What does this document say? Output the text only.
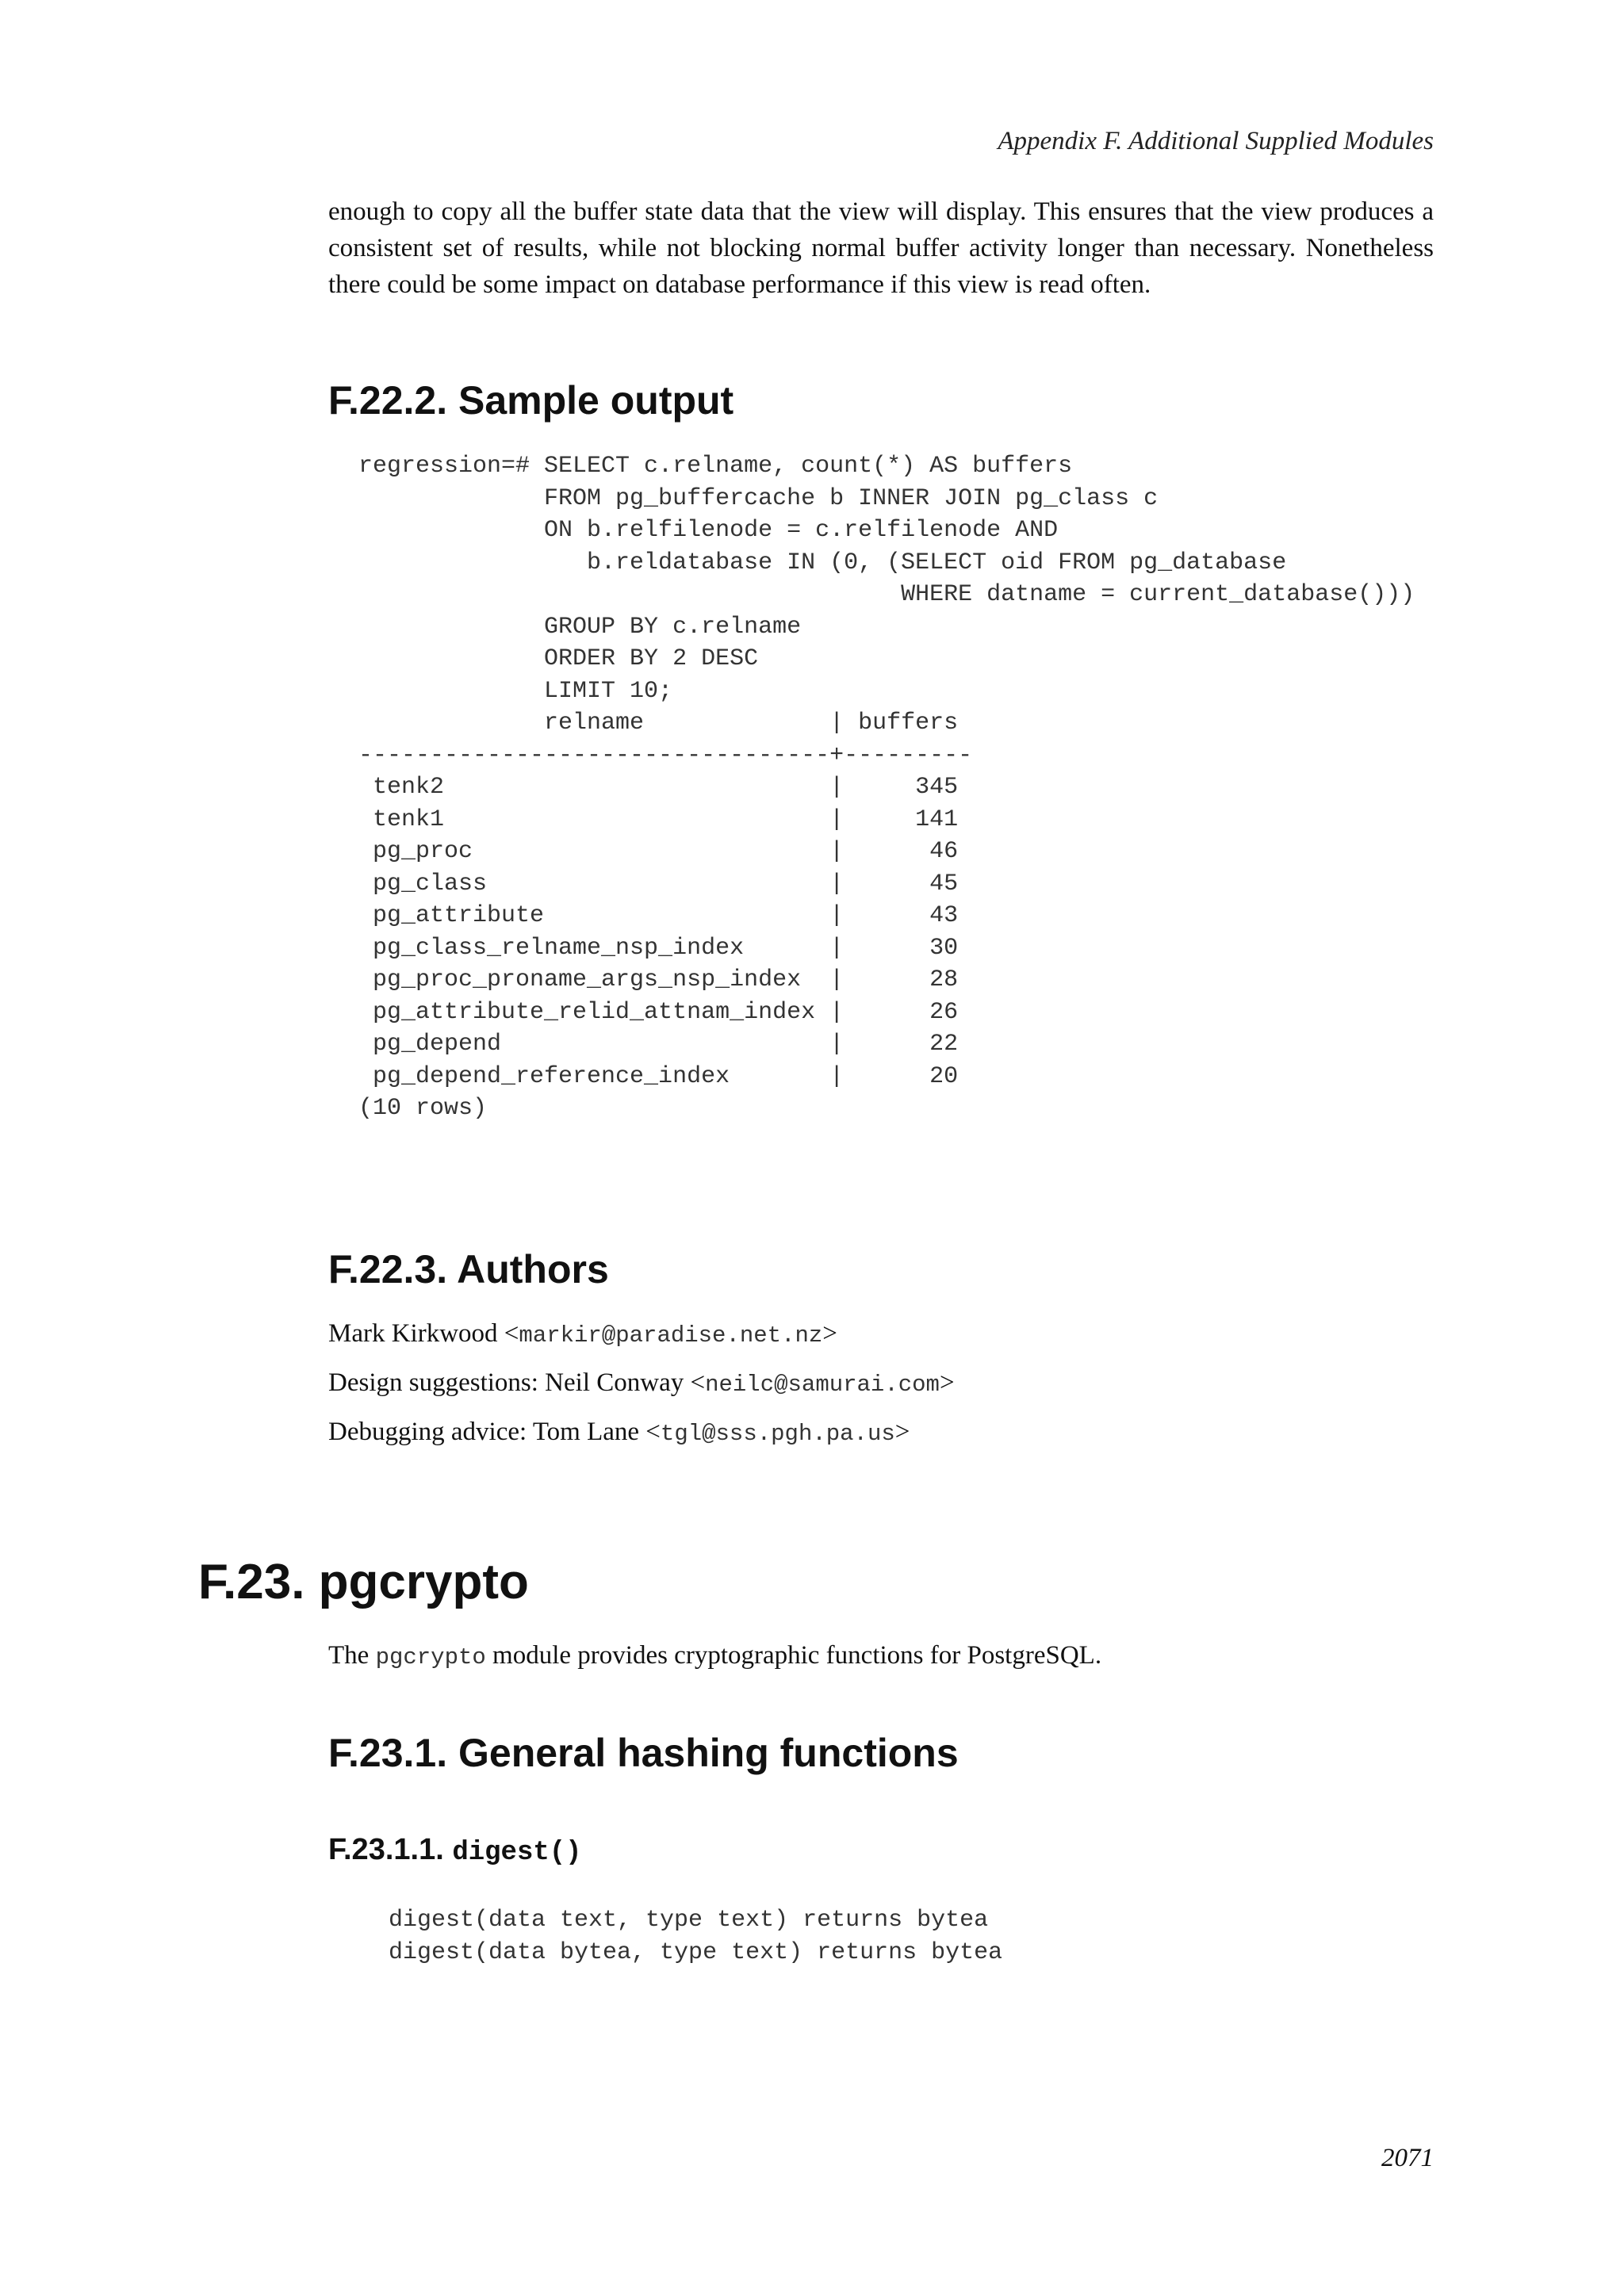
Appendix F. Additional Supplied Modules

enough to copy all the buffer state data that the view will display. This ensures that the view produces a consistent set of results, while not blocking normal buffer activity longer than necessary. Nonetheless there could be some impact on database performance if this view is read often.

F.22.2. Sample output
regression=# SELECT c.relname, count(*) AS buffers
FROM pg_buffercache b INNER JOIN pg_class c
ON b.relfilenode = c.relfilenode AND
b.reldatabase IN (0, (SELECT oid FROM pg_database
WHERE datname = current_database()))
GROUP BY c.relname
ORDER BY 2 DESC
LIMIT 10;
relname             | buffers
---------------------------------+---------
tenk2                           |     345
tenk1                           |     141
pg_proc                         |      46
pg_class                        |      45
pg_attribute                    |      43
pg_class_relname_nsp_index      |      30
pg_proc_proname_args_nsp_index  |      28
pg_attribute_relid_attnam_index |      26
pg_depend                       |      22
pg_depend_reference_index       |      20
(10 rows)
F.22.3. Authors
Mark Kirkwood <markir@paradise.net.nz>
Design suggestions: Neil Conway <neilc@samurai.com>
Debugging advice: Tom Lane <tgl@sss.pgh.pa.us>
F.23. pgcrypto
The pgcrypto module provides cryptographic functions for PostgreSQL.
F.23.1. General hashing functions
F.23.1.1. digest()
digest(data text, type text) returns bytea
digest(data bytea, type text) returns bytea
2071
